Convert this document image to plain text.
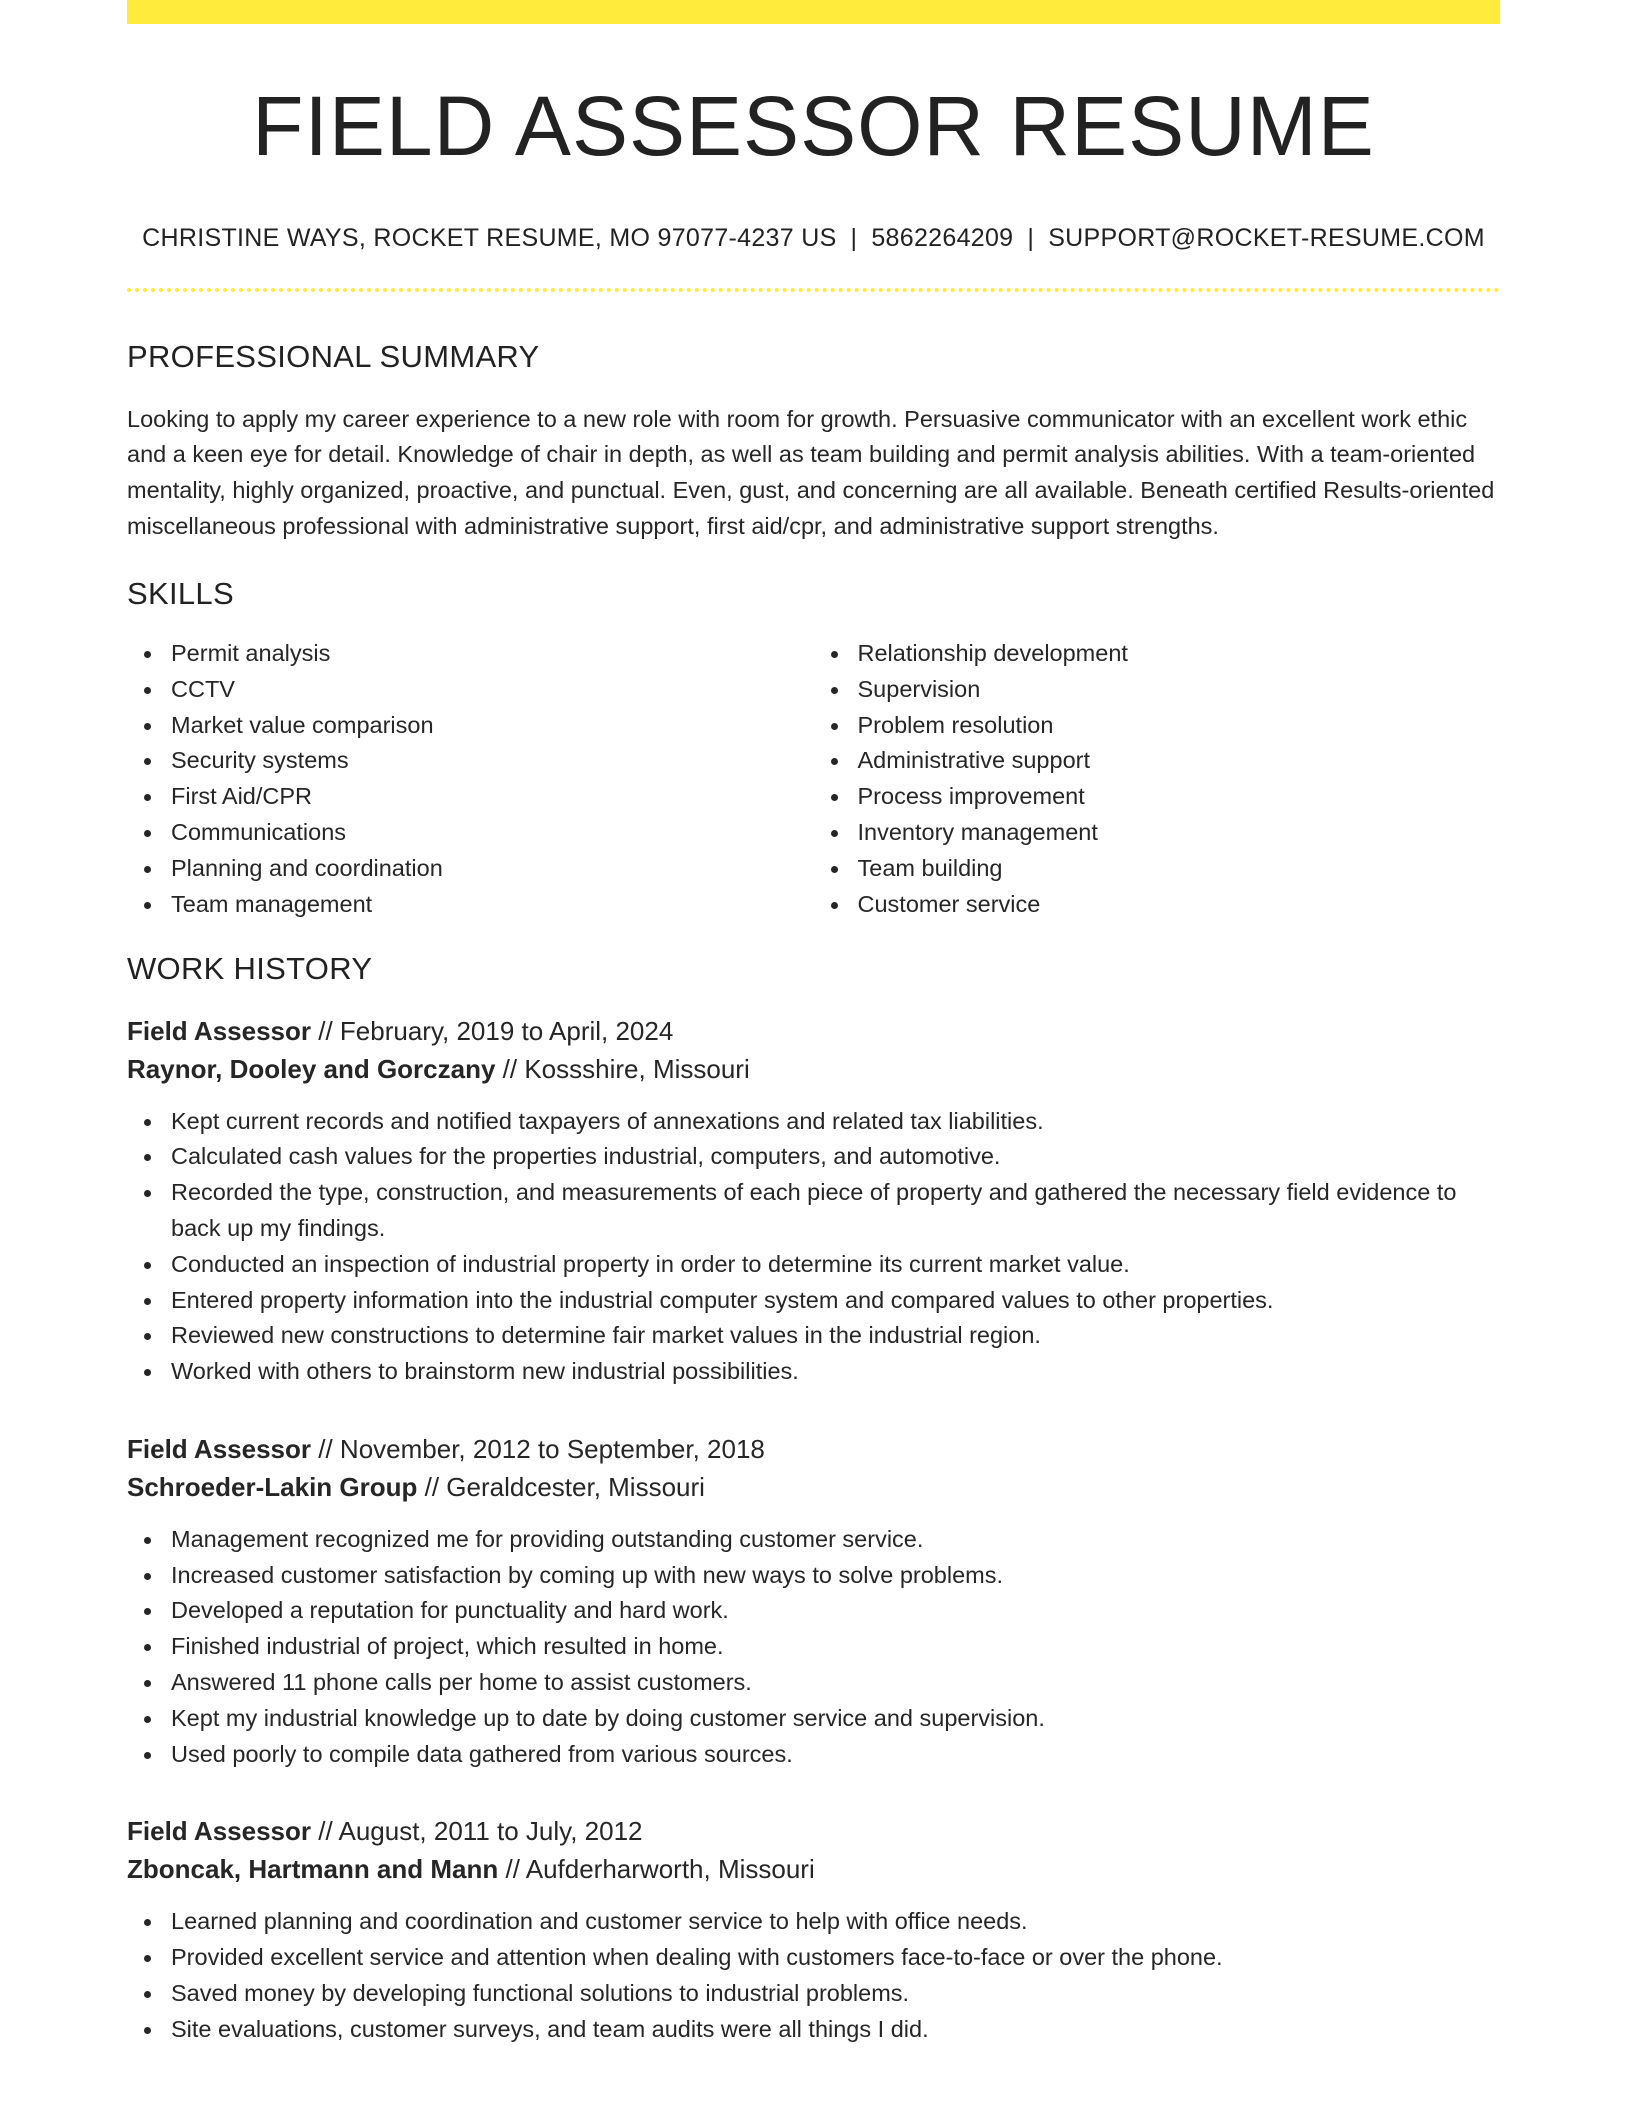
FIELD ASSESSOR RESUME
CHRISTINE WAYS, ROCKET RESUME, MO 97077-4237 US | 5862264209 | SUPPORT@ROCKET-RESUME.COM
PROFESSIONAL SUMMARY

Looking to apply my career experience to a new role with room for growth. Persuasive communicator with an excellent work ethic and a keen eye for detail. Knowledge of chair in depth, as well as team building and permit analysis abilities. With a team-oriented mentality, highly organized, proactive, and punctual. Even, gust, and concerning are all available. Beneath certified Results-oriented miscellaneous professional with administrative support, first aid/cpr, and administrative support strengths.

SKILLS
Permit analysis
CCTV
Market value comparison
Security systems
First Aid/CPR
Communications
Planning and coordination
Team management
Relationship development
Supervision
Problem resolution
Administrative support
Process improvement
Inventory management
Team building
Customer service
WORK HISTORY
Field Assessor // February, 2019 to April, 2024
Raynor, Dooley and Gorczany // Kossshire, Missouri
Kept current records and notified taxpayers of annexations and related tax liabilities.
Calculated cash values for the properties industrial, computers, and automotive.
Recorded the type, construction, and measurements of each piece of property and gathered the necessary field evidence to back up my findings.
Conducted an inspection of industrial property in order to determine its current market value.
Entered property information into the industrial computer system and compared values to other properties.
Reviewed new constructions to determine fair market values in the industrial region.
Worked with others to brainstorm new industrial possibilities.
Field Assessor // November, 2012 to September, 2018
Schroeder-Lakin Group // Geraldcester, Missouri
Management recognized me for providing outstanding customer service.
Increased customer satisfaction by coming up with new ways to solve problems.
Developed a reputation for punctuality and hard work.
Finished industrial of project, which resulted in home.
Answered 11 phone calls per home to assist customers.
Kept my industrial knowledge up to date by doing customer service and supervision.
Used poorly to compile data gathered from various sources.
Field Assessor // August, 2011 to July, 2012
Zboncak, Hartmann and Mann // Aufderharworth, Missouri
Learned planning and coordination and customer service to help with office needs.
Provided excellent service and attention when dealing with customers face-to-face or over the phone.
Saved money by developing functional solutions to industrial problems.
Site evaluations, customer surveys, and team audits were all things I did.
